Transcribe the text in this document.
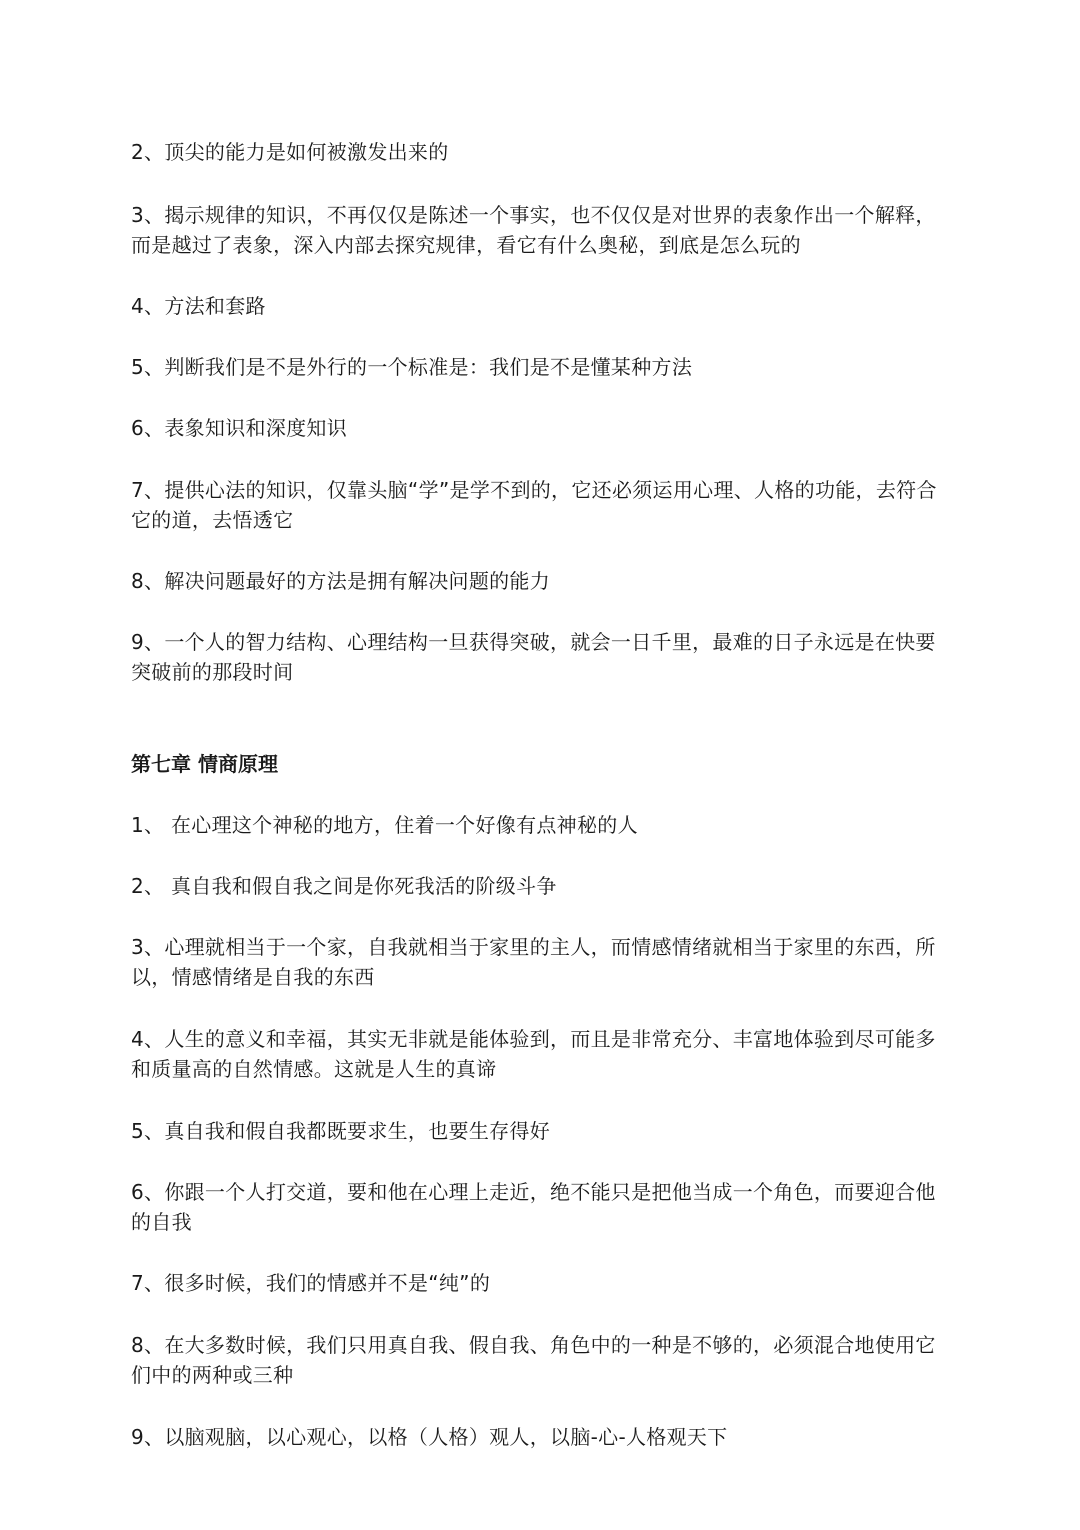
2、顶尖的能力是如何被激发出来的

3、揭示规律的知识，不再仅仅是陈述一个事实，也不仅仅是对世界的表象作出一个解释，而是越过了表象，深入内部去探究规律，看它有什么奥秘，到底是怎么玩的

4、方法和套路

5、判断我们是不是外行的一个标准是：我们是不是懂某种方法

6、表象知识和深度知识

7、提供心法的知识，仅靠头脑“学”是学不到的，它还必须运用心理、人格的功能，去符合它的道，去悟透它

8、解决问题最好的方法是拥有解决问题的能力

9、一个人的智力结构、心理结构一旦获得突破，就会一日千里，最难的日子永远是在快要突破前的那段时间

第七章 情商原理

1、 在心理这个神秘的地方，住着一个好像有点神秘的人

2、 真自我和假自我之间是你死我活的阶级斗争

3、心理就相当于一个家，自我就相当于家里的主人，而情感情绪就相当于家里的东西，所以，情感情绪是自我的东西

4、人生的意义和幸福，其实无非就是能体验到，而且是非常充分、丰富地体验到尽可能多和质量高的自然情感。这就是人生的真谛

5、真自我和假自我都既要求生，也要生存得好

6、你跟一个人打交道，要和他在心理上走近，绝不能只是把他当成一个角色，而要迎合他的自我

7、很多时候，我们的情感并不是“纯”的

8、在大多数时候，我们只用真自我、假自我、角色中的一种是不够的，必须混合地使用它们中的两种或三种

9、以脑观脑，以心观心，以格（人格）观人，以脑-心-人格观天下
